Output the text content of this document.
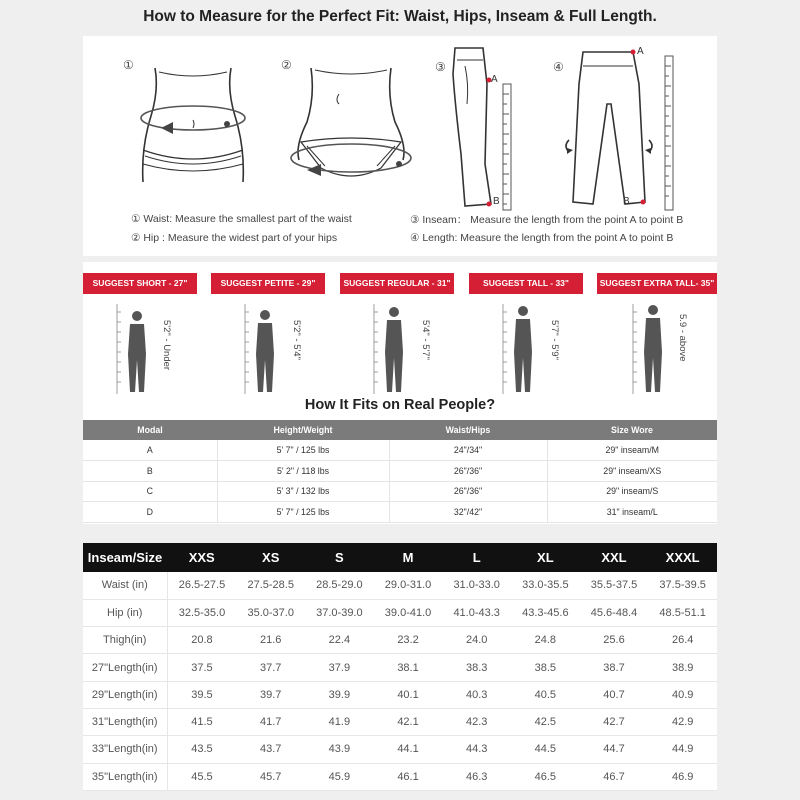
How to Measure for the Perfect Fit: Waist, Hips, Inseam & Full Length.
①	②	③
A
B
④
A
B
① Waist: Measure the smallest part of the waist
② Hip : Measure the widest part of your hips
③ Inseam： Measure the length from the point A to point B
④ Length: Measure the length from the point A to point B
SUGGEST SHORT - 27"	SUGGEST PETITE - 29"	SUGGEST REGULAR - 31"	SUGGEST TALL - 33"	SUGGEST EXTRA TALL- 35"
5'2" - Under	5'2" - 5'4"	5'4" - 5'7"	5'7" - 5'9"	5.9 - above
How It Fits on Real People?
Modal	Height/Weight	Waist/Hips	Size Wore
A	5' 7" / 125 lbs	24"/34"	29" inseam/M
B	5' 2" / 118 lbs	26"/36"	29" inseam/XS
C	5' 3" / 132 lbs	26"/36"	29" inseam/S
D	5' 7" / 125 lbs	32"/42"	31" inseam/L
Inseam/Size	XXS	XS	S	M	L	XL	XXL	XXXL
Waist (in)	26.5-27.5	27.5-28.5	28.5-29.0	29.0-31.0	31.0-33.0	33.0-35.5	35.5-37.5	37.5-39.5
Hip (in)	32.5-35.0	35.0-37.0	37.0-39.0	39.0-41.0	41.0-43.3	43.3-45.6	45.6-48.4	48.5-51.1
Thigh(in)	20.8	21.6	22.4	23.2	24.0	24.8	25.6	26.4
27"Length(in)	37.5	37.7	37.9	38.1	38.3	38.5	38.7	38.9
29"Length(in)	39.5	39.7	39.9	40.1	40.3	40.5	40.7	40.9
31"Length(in)	41.5	41.7	41.9	42.1	42.3	42.5	42.7	42.9
33"Length(in)	43.5	43.7	43.9	44.1	44.3	44.5	44.7	44.9
35"Length(in)	45.5	45.7	45.9	46.1	46.3	46.5	46.7	46.9
